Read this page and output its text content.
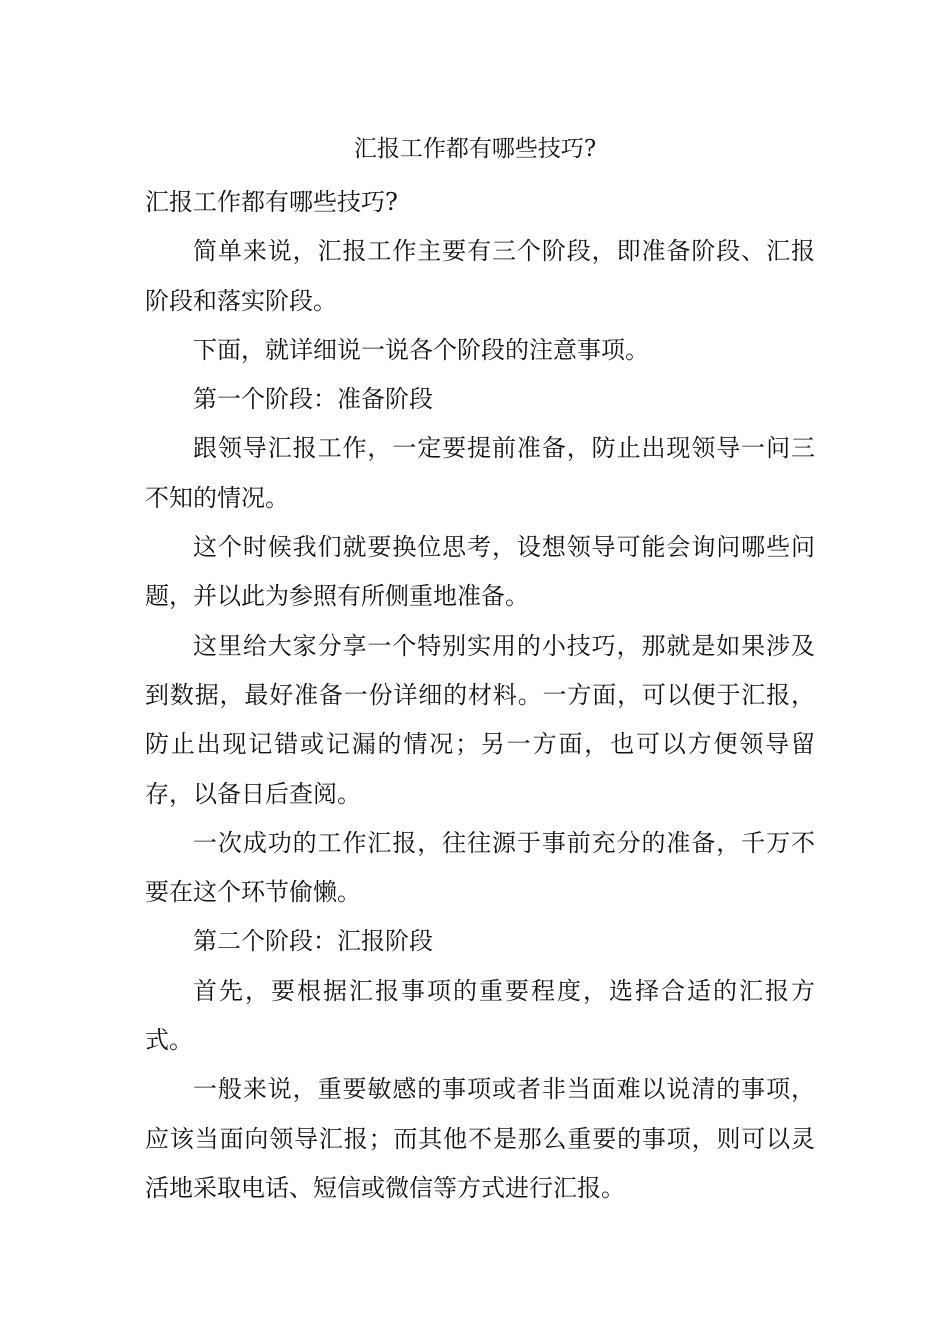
汇报工作都有哪些技巧?

汇报工作都有哪些技巧?

简单来说，汇报工作主要有三个阶段，即准备阶段、汇报阶段和落实阶段。

下面，就详细说一说各个阶段的注意事项。

第一个阶段：准备阶段

跟领导汇报工作，一定要提前准备，防止出现领导一问三不知的情况。

这个时候我们就要换位思考，设想领导可能会询问哪些问题，并以此为参照有所侧重地准备。

这里给大家分享一个特别实用的小技巧，那就是如果涉及到数据，最好准备一份详细的材料。一方面，可以便于汇报，防止出现记错或记漏的情况；另一方面，也可以方便领导留存，以备日后查阅。

一次成功的工作汇报，往往源于事前充分的准备，千万不要在这个环节偷懒。

第二个阶段：汇报阶段

首先，要根据汇报事项的重要程度，选择合适的汇报方式。

一般来说，重要敏感的事项或者非当面难以说清的事项，应该当面向领导汇报；而其他不是那么重要的事项，则可以灵活地采取电话、短信或微信等方式进行汇报。
